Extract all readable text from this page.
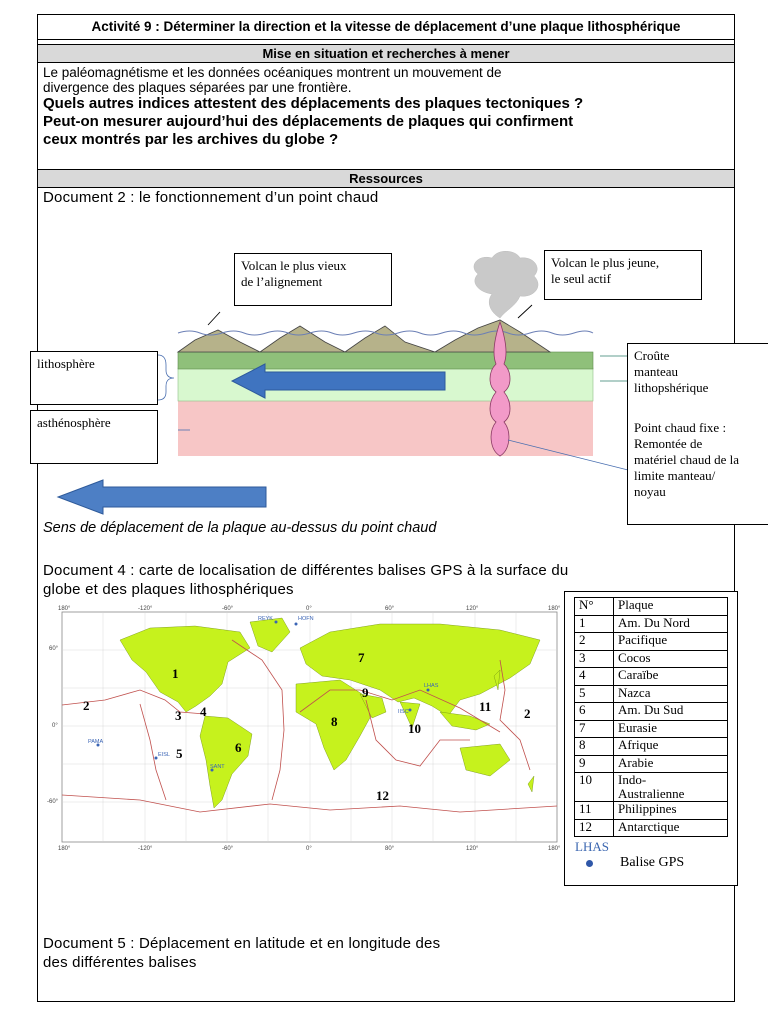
Activité 9 : Déterminer la direction et la vitesse de déplacement d’une plaque lithosphérique
Mise en situation et recherches à mener
Le paléomagnétisme et les données océaniques montrent un mouvement de
divergence des plaques séparées par une frontière.
Quels autres indices attestent des déplacements des plaques tectoniques ?
Peut-on mesurer aujourd’hui des déplacements de plaques qui confirment
ceux montrés par les archives du globe ?
Ressources
Document 2 : le fonctionnement d’un point chaud
Document 4 : carte de localisation de différentes balises GPS à la surface du
globe et des plaques lithosphériques
Document 5 : Déplacement en latitude et en longitude des
des différentes balises
Sens de déplacement de la plaque au-dessus du point chaud
Volcan le plus vieux
de l’alignement
Volcan le plus jeune,
le seul actif
lithosphère
asthénosphère
Croûte
manteau
lithopshérique
Point chaud fixe :
Remontée de
matériel chaud de la
limite manteau/
noyau
180°	-120°	-60°	0°	60°	120°	180°
180°	-120°	-60°	0°	80°	120°	180°
60°
0°
-60°
REYK	HOFN
LHAS
IISC
PAMA
EISL
SANT
1
2
3 4
5	6
7
8
9
10
11	2
12
N°	Plaque
1	Am. Du Nord
2	Pacifique
3	Cocos
4	Caraïbe
5	Nazca
6	Am. Du Sud
7	Eurasie
8	Afrique
9	Arabie
10	Indo-
Australienne
11	Philippines
12	Antarctique
LHAS
Balise GPS
